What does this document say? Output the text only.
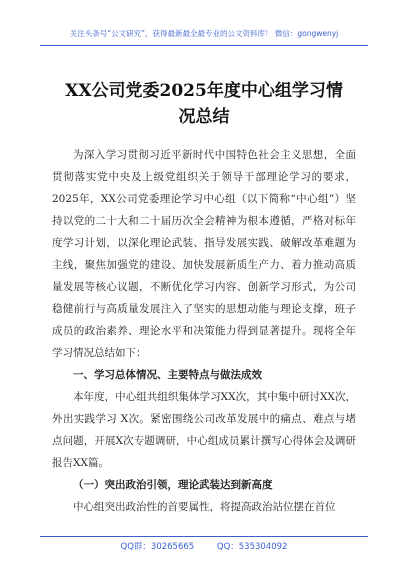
关注头条号“公文研究”，获得最新最全最专业的公文资料库！ 微信：gongwenyj
XX公司党委2025年度中心组学习情况总结

为深入学习贯彻习近平新时代中国特色社会主义思想，全面贯彻落实党中央及上级党组织关于领导干部理论学习的要求，2025年，XX公司党委理论学习中心组（以下简称“中心组”）坚持以党的二十大和二十届历次全会精神为根本遵循，严格对标年度学习计划，以深化理论武装、指导发展实践、破解改革难题为主线，聚焦加强党的建设、加快发展新质生产力、着力推动高质量发展等核心议题，不断优化学习内容、创新学习形式，为公司稳健前行与高质量发展注入了坚实的思想动能与理论支撑，班子成员的政治素养、理论水平和决策能力得到显著提升。现将全年学习情况总结如下：

一、学习总体情况、主要特点与做法成效

本年度，中心组共组织集体学习XX次，其中集中研讨XX次，外出实践学习 X次。紧密围绕公司改革发展中的痛点、难点与堵点问题，开展X次专题调研，中心组成员累计撰写心得体会及调研报告XX篇。

（一）突出政治引领，理论武装达到新高度

中心组突出政治性的首要属性，将提高政治站位摆在首位

QQ群：30265665	QQ：535304092
